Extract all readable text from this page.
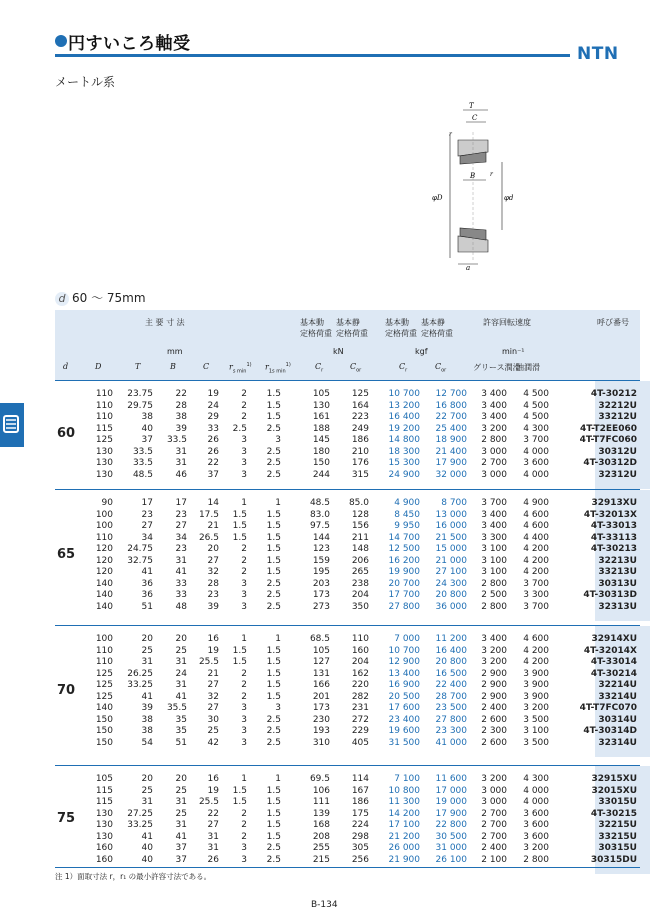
円すいころ軸受	NTN
メートル系
T
C
r
φD	φd
B r
a
d 60 ～ 75mm
主 要 寸 法
mm
基本動 基本静
定格荷重 定格荷重
kN
基本動 基本静
定格荷重 定格荷重
kgf
許容回転速度
min⁻¹
グリース潤滑
油潤滑
呼び番号
d	D	T	B	C $r_{s min}^{1)}$ $r_{1s min}^{1)}$	$C_r$	$C_{or}$	$C_r$	$C_{or}$
60
110	23.75	22	19	2	1.5	105	125	10 700	12 700	3 400	4 500	4T-30212
110	29.75	28	24	2	1.5	130	164	13 200	16 800	3 400	4 500	32212U
110	38	38	29	2	1.5	161	223	16 400	22 700	3 400	4 500	33212U
115	40	39	33	2.5	2.5	188	249	19 200	25 400	3 200	4 300	4T-T2EE060
125	37	33.5	26	3	3	145	186	14 800	18 900	2 800	3 700	4T-T7FC060
130	33.5	31	26	3	2.5	180	210	18 300	21 400	3 000	4 000	30312U
130	33.5	31	22	3	2.5	150	176	15 300	17 900	2 700	3 600	4T-30312D
130	48.5	46	37	3	2.5	244	315	24 900	32 000	3 000	4 000	32312U
65
90	17	17	14	1	1	48.5	85.0	4 900	8 700	3 700	4 900	32913XU
100	23	23	17.5	1.5	1.5	83.0	128	8 450	13 000	3 400	4 600	4T-32013X
100	27	27	21	1.5	1.5	97.5	156	9 950	16 000	3 400	4 600	4T-33013
110	34	34	26.5	1.5	1.5	144	211	14 700	21 500	3 300	4 400	4T-33113
120	24.75	23	20	2	1.5	123	148	12 500	15 000	3 100	4 200	4T-30213
120	32.75	31	27	2	1.5	159	206	16 200	21 000	3 100	4 200	32213U
120	41	41	32	2	1.5	195	265	19 900	27 100	3 100	4 200	33213U
140	36	33	28	3	2.5	203	238	20 700	24 300	2 800	3 700	30313U
140	36	33	23	3	2.5	173	204	17 700	20 800	2 500	3 300	4T-30313D
140	51	48	39	3	2.5	273	350	27 800	36 000	2 800	3 700	32313U
70
100	20	20	16	1	1	68.5	110	7 000	11 200	3 400	4 600	32914XU
110	25	25	19	1.5	1.5	105	160	10 700	16 400	3 200	4 200	4T-32014X
110	31	31	25.5	1.5	1.5	127	204	12 900	20 800	3 200	4 200	4T-33014
125	26.25	24	21	2	1.5	131	162	13 400	16 500	2 900	3 900	4T-30214
125	33.25	31	27	2	1.5	166	220	16 900	22 400	2 900	3 900	32214U
125	41	41	32	2	1.5	201	282	20 500	28 700	2 900	3 900	33214U
140	39	35.5	27	3	3	173	231	17 600	23 500	2 400	3 200	4T-T7FC070
150	38	35	30	3	2.5	230	272	23 400	27 800	2 600	3 500	30314U
150	38	35	25	3	2.5	193	229	19 600	23 300	2 300	3 100	4T-30314D
150	54	51	42	3	2.5	310	405	31 500	41 000	2 600	3 500	32314U
75
105	20	20	16	1	1	69.5	114	7 100	11 600	3 200	4 300	32915XU
115	25	25	19	1.5	1.5	106	167	10 800	17 000	3 000	4 000	32015XU
115	31	31	25.5	1.5	1.5	111	186	11 300	19 000	3 000	4 000	33015U
130	27.25	25	22	2	1.5	139	175	14 200	17 900	2 700	3 600	4T-30215
130	33.25	31	27	2	1.5	168	224	17 100	22 800	2 700	3 600	32215U
130	41	41	31	2	1.5	208	298	21 200	30 500	2 700	3 600	33215U
160	40	37	31	3	2.5	255	305	26 000	31 000	2 400	3 200	30315U
160	40	37	26	3	2.5	215	256	21 900	26 100	2 100	2 800	30315DU
注 1）面取寸法 r，r₁ の最小許容寸法である。
B-134
